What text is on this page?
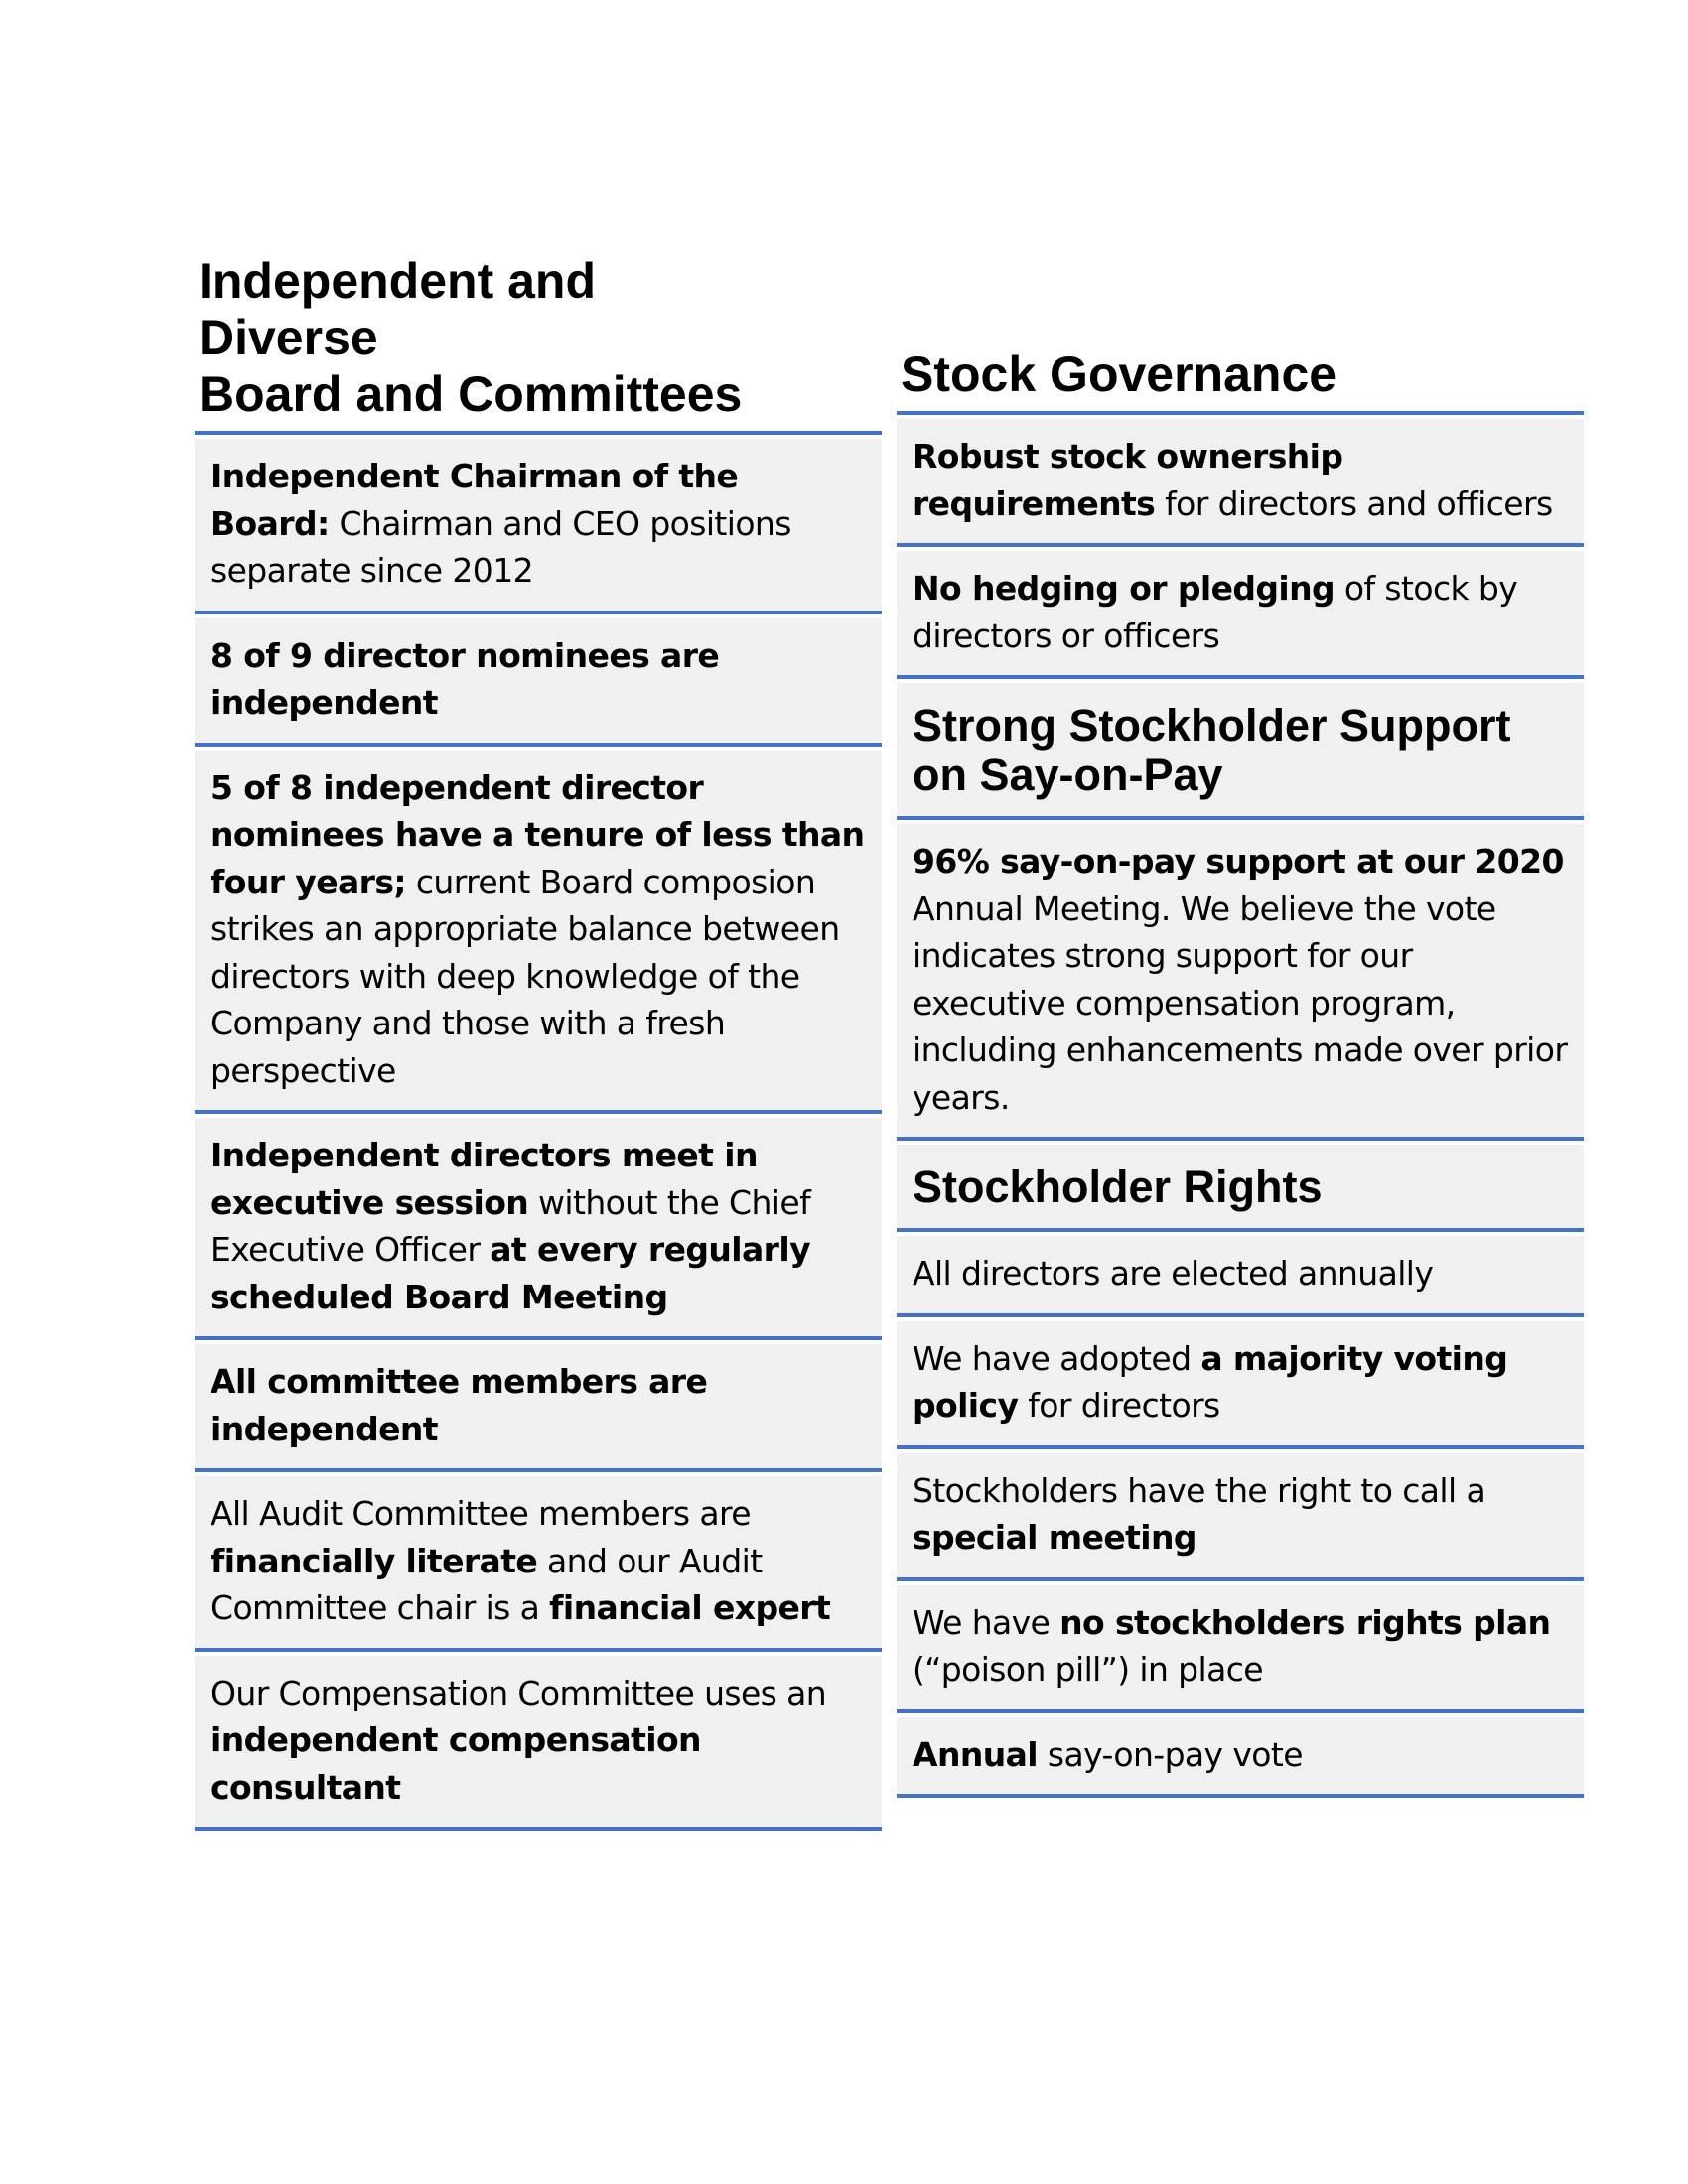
Independent and
Diverse
Board and Committees
Independent Chairman of the Board: Chairman and CEO positions separate since 2012
8 of 9 director nominees are independent
5 of 8 independent director nominees have a tenure of less than four years; current Board composion strikes an appropriate balance between directors with deep knowledge of the Company and those with a fresh perspective
Independent directors meet in executive session without the Chief Executive Officer at every regularly scheduled Board Meeting
All committee members are independent
All Audit Committee members are financially literate and our Audit Committee chair is a financial expert
Our Compensation Committee uses an independent compensation consultant
Stock Governance
Robust stock ownership requirements for directors and officers
No hedging or pledging of stock by directors or officers
Strong Stockholder Support on Say-on-Pay
96% say-on-pay support at our 2020 Annual Meeting. We believe the vote indicates strong support for our executive compensation program, including enhancements made over prior years.
Stockholder Rights
All directors are elected annually
We have adopted a majority voting policy for directors
Stockholders have the right to call a special meeting
We have no stockholders rights plan (“poison pill”) in place
Annual say-on-pay vote
